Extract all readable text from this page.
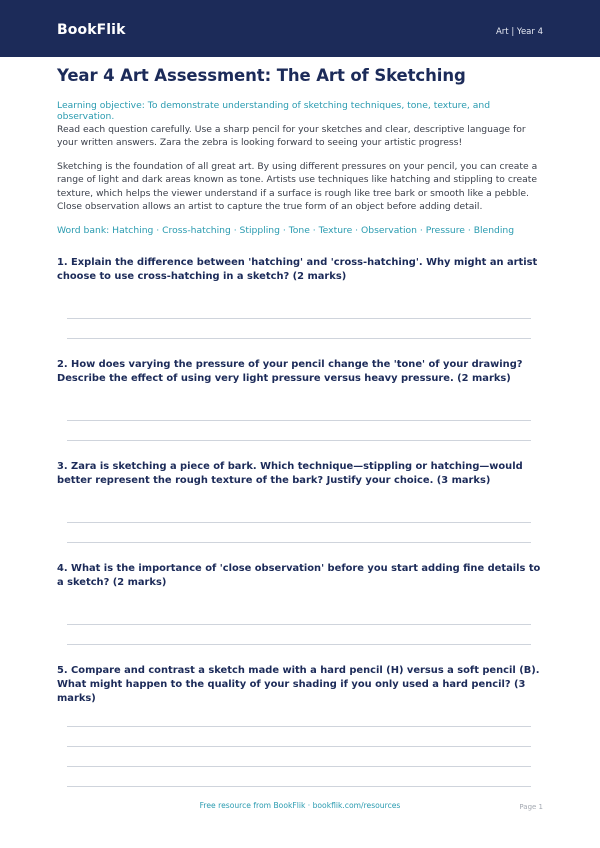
BookFlik	Art | Year 4
Year 4 Art Assessment: The Art of Sketching
Learning objective: To demonstrate understanding of sketching techniques, tone, texture, and observation.
Read each question carefully. Use a sharp pencil for your sketches and clear, descriptive language for your written answers. Zara the zebra is looking forward to seeing your artistic progress!
Sketching is the foundation of all great art. By using different pressures on your pencil, you can create a range of light and dark areas known as tone. Artists use techniques like hatching and stippling to create texture, which helps the viewer understand if a surface is rough like tree bark or smooth like a pebble. Close observation allows an artist to capture the true form of an object before adding detail.
Word bank: Hatching · Cross-hatching · Stippling · Tone · Texture · Observation · Pressure · Blending
1. Explain the difference between 'hatching' and 'cross-hatching'. Why might an artist choose to use cross-hatching in a sketch? (2 marks)
2. How does varying the pressure of your pencil change the 'tone' of your drawing? Describe the effect of using very light pressure versus heavy pressure. (2 marks)
3. Zara is sketching a piece of bark. Which technique—stippling or hatching—would better represent the rough texture of the bark? Justify your choice. (3 marks)
4. What is the importance of 'close observation' before you start adding fine details to a sketch? (2 marks)
5. Compare and contrast a sketch made with a hard pencil (H) versus a soft pencil (B). What might happen to the quality of your shading if you only used a hard pencil? (3 marks)
Free resource from BookFlik · bookflik.com/resources	Page 1
